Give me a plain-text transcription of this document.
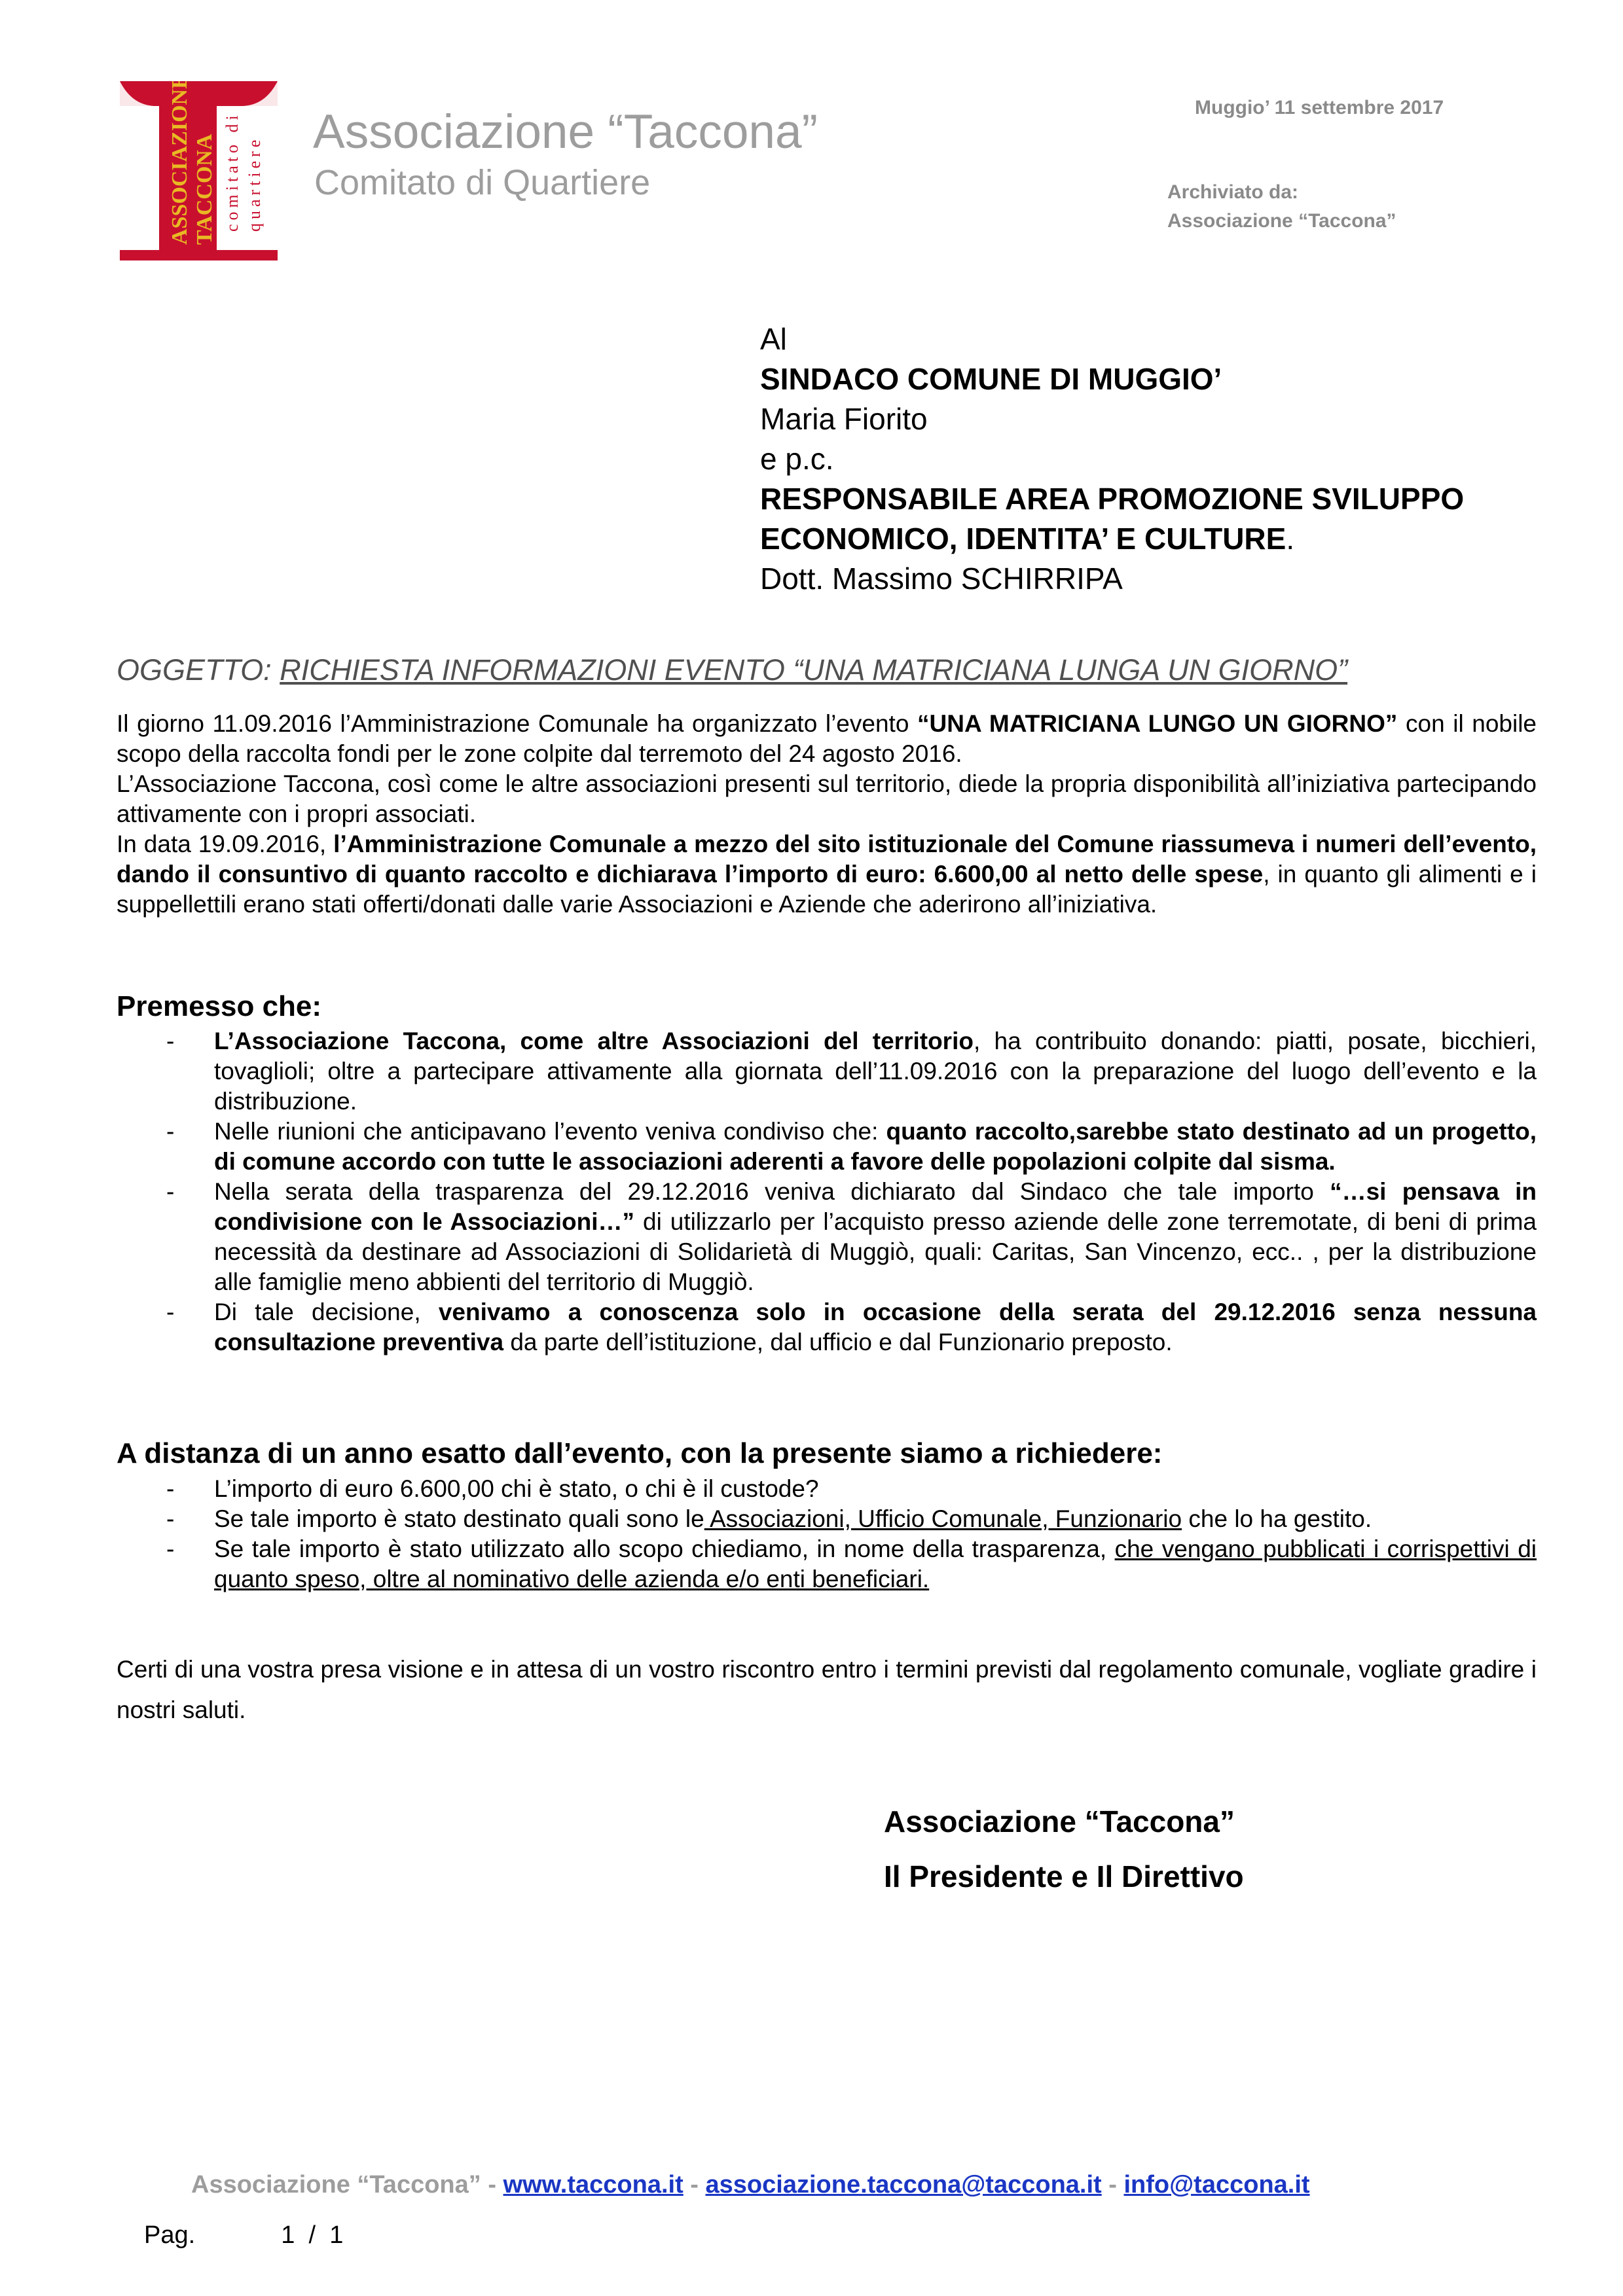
ASSOCIAZIONE TACCONA comitato di quartiere
Associazione “Taccona”
Comitato di Quartiere
Muggio’ 11 settembre 2017
Archiviato da:
Associazione “Taccona”
Al
SINDACO COMUNE DI MUGGIO’
Maria Fiorito
e p.c.
RESPONSABILE AREA PROMOZIONE SVILUPPO
ECONOMICO, IDENTITA’ E CULTURE.
Dott. Massimo SCHIRRIPA
OGGETTO: RICHIESTA INFORMAZIONI EVENTO “UNA MATRICIANA LUNGA UN GIORNO”

Il giorno 11.09.2016 l’Amministrazione Comunale ha organizzato l’evento “UNA MATRICIANA LUNGO UN GIORNO” con il nobile scopo della raccolta fondi per le zone colpite dal terremoto del 24 agosto 2016.

L’Associazione Taccona, così come le altre associazioni presenti sul territorio, diede la propria disponibilità all’iniziativa partecipando attivamente con i propri associati.

In data 19.09.2016, l’Amministrazione Comunale a mezzo del sito istituzionale del Comune riassumeva i numeri dell’evento, dando il consuntivo di quanto raccolto e dichiarava l’importo di euro: 6.600,00 al netto delle spese, in quanto gli alimenti e i suppellettili erano stati offerti/donati dalle varie Associazioni e Aziende che aderirono all’iniziativa.

Premesso che:
- L’Associazione Taccona, come altre Associazioni del territorio, ha contribuito donando: piatti, posate, bicchieri, tovaglioli; oltre a partecipare attivamente alla giornata dell’11.09.2016 con la preparazione del luogo dell’evento e la distribuzione.
- Nelle riunioni che anticipavano l’evento veniva condiviso che: quanto raccolto,sarebbe stato destinato ad un progetto, di comune accordo con tutte le associazioni aderenti a favore delle popolazioni colpite dal sisma.
- Nella serata della trasparenza del 29.12.2016 veniva dichiarato dal Sindaco che tale importo “…si pensava in condivisione con le Associazioni…” di utilizzarlo per l’acquisto presso aziende delle zone terremotate, di beni di prima necessità da destinare ad Associazioni di Solidarietà di Muggiò, quali: Caritas, San Vincenzo, ecc.. , per la distribuzione alle famiglie meno abbienti del territorio di Muggiò.
- Di tale decisione, venivamo a conoscenza solo in occasione della serata del 29.12.2016 senza nessuna consultazione preventiva da parte dell’istituzione, dal ufficio e dal Funzionario preposto.
A distanza di un anno esatto dall’evento, con la presente siamo a richiedere:
- L’importo di euro 6.600,00 chi è stato, o chi è il custode?
- Se tale importo è stato destinato quali sono le Associazioni, Ufficio Comunale, Funzionario che lo ha gestito.
- Se tale importo è stato utilizzato allo scopo chiediamo, in nome della trasparenza, che vengano pubblicati i corrispettivi di quanto speso, oltre al nominativo delle azienda e/o enti beneficiari.
Certi di una vostra presa visione e in attesa di un vostro riscontro entro i termini previsti dal regolamento comunale, vogliate gradire i nostri saluti.
Associazione “Taccona”
Il Presidente e Il Direttivo
Associazione “Taccona” - www.taccona.it - associazione.taccona@taccona.it - info@taccona.it
Pag.	1  /  1
